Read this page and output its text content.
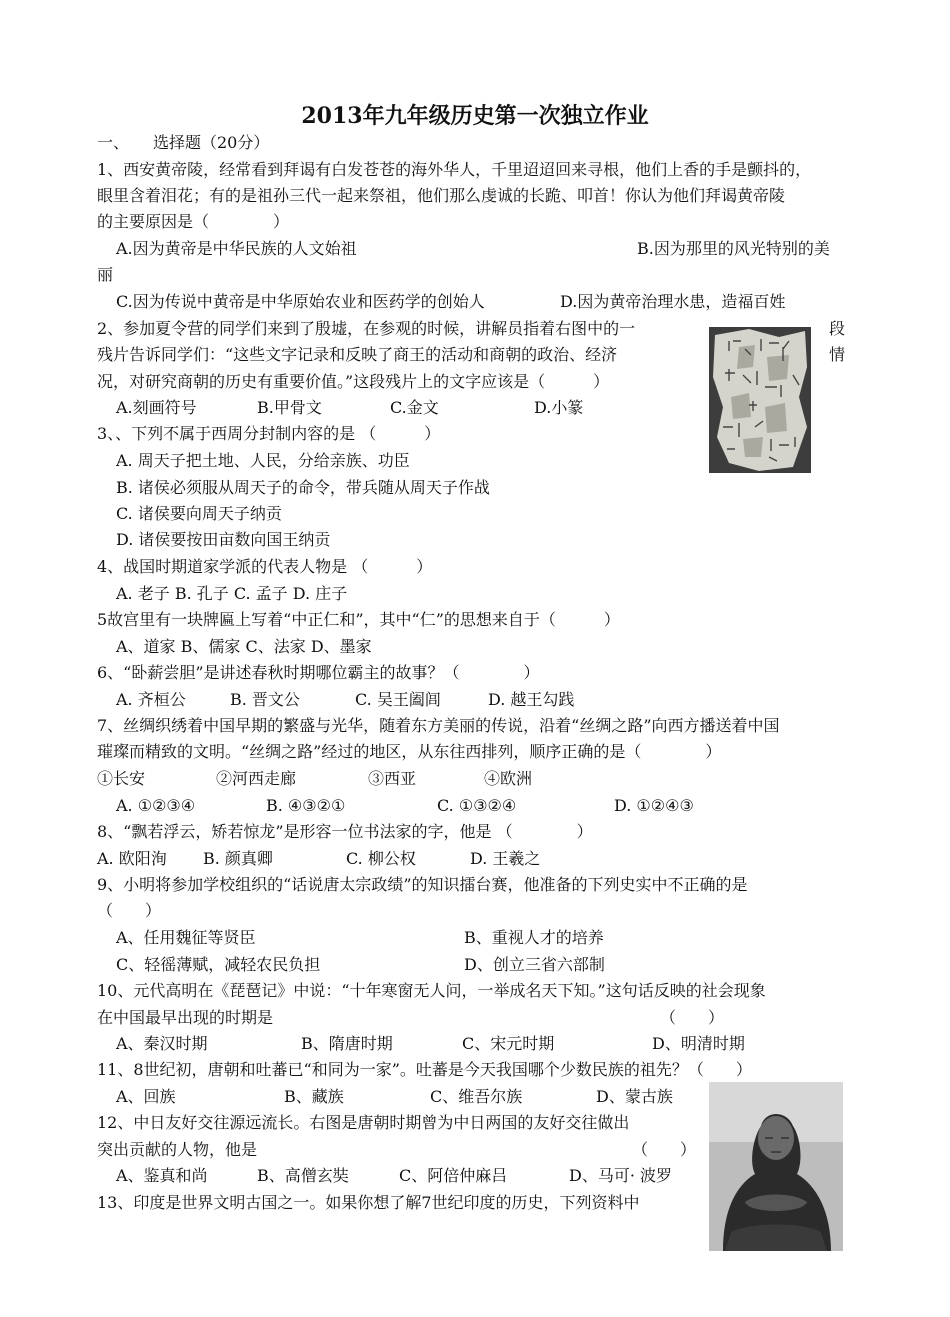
2013年九年级历史第一次独立作业
一、　　选择题（20分）
1、西安黄帝陵，经常看到拜谒有白发苍苍的海外华人，千里迢迢回来寻根，他们上香的手是颤抖的，
眼里含着泪花；有的是祖孙三代一起来祭祖，他们那么虔诚的长跪、叩首！你认为他们拜谒黄帝陵
的主要原因是（　　　　）
A.因为黄帝是中华民族的人文始祖	B.因为那里的风光特别的美
丽
C.因为传说中黄帝是中华原始农业和医药学的创始人	D.因为黄帝治理水患，造福百姓
2、参加夏令营的同学们来到了殷墟，在参观的时候，讲解员指着右图中的一	段
残片告诉同学们：“这些文字记录和反映了商王的活动和商朝的政治、经济	情
况，对研究商朝的历史有重要价值。”这段残片上的文字应该是（　　　）
A.刻画符号	B.甲骨文	C.金文	D.小篆
3、、下列不属于西周分封制内容的是 （　　　）
A. 周天子把土地、人民，分给亲族、功臣
B. 诸侯必须服从周天子的命令，带兵随从周天子作战
C. 诸侯要向周天子纳贡
D. 诸侯要按田亩数向国王纳贡
4、战国时期道家学派的代表人物是 （　　　）
A. 老子 B. 孔子 C. 孟子 D. 庄子
5故宫里有一块牌匾上写着“中正仁和”，其中“仁”的思想来自于（　　　）
A、道家 B、儒家 C、法家 D、墨家
6、“卧薪尝胆”是讲述春秋时期哪位霸主的故事？（　　　　）
A. 齐桓公	B. 晋文公	C. 吴王阖闾	D. 越王勾践
7、丝绸织绣着中国早期的繁盛与光华，随着东方美丽的传说，沿着“丝绸之路”向西方播送着中国
璀璨而精致的文明。“丝绸之路”经过的地区，从东往西排列，顺序正确的是（　　　　）
①长安	②河西走廊	③西亚	④欧洲
A. ①②③④	B. ④③②①	C. ①③②④	D. ①②④③
8、“飘若浮云，矫若惊龙”是形容一位书法家的字，他是 （　　　　）
A. 欧阳洵 B. 颜真卿	C. 柳公权	D. 王羲之
9、小明将参加学校组织的“话说唐太宗政绩”的知识擂台赛，他准备的下列史实中不正确的是
（　　）
A、任用魏征等贤臣	B、重视人才的培养
C、轻徭薄赋，减轻农民负担	D、创立三省六部制
10、元代高明在《琵琶记》中说：“十年寒窗无人问，一举成名天下知。”这句话反映的社会现象
在中国最早出现的时期是	（　　）
A、秦汉时期	B、隋唐时期	C、宋元时期	D、明清时期
11、8世纪初，唐朝和吐蕃已“和同为一家”。吐蕃是今天我国哪个少数民族的祖先？（　　）
A、回族	B、藏族	C、维吾尔族	D、蒙古族
12、中日友好交往源远流长。右图是唐朝时期曾为中日两国的友好交往做出
突出贡献的人物，他是	（　　）
A、鉴真和尚	B、高僧玄奘	C、阿倍仲麻吕	D、马可· 波罗
13、印度是世界文明古国之一。如果你想了解7世纪印度的历史，下列资料中
